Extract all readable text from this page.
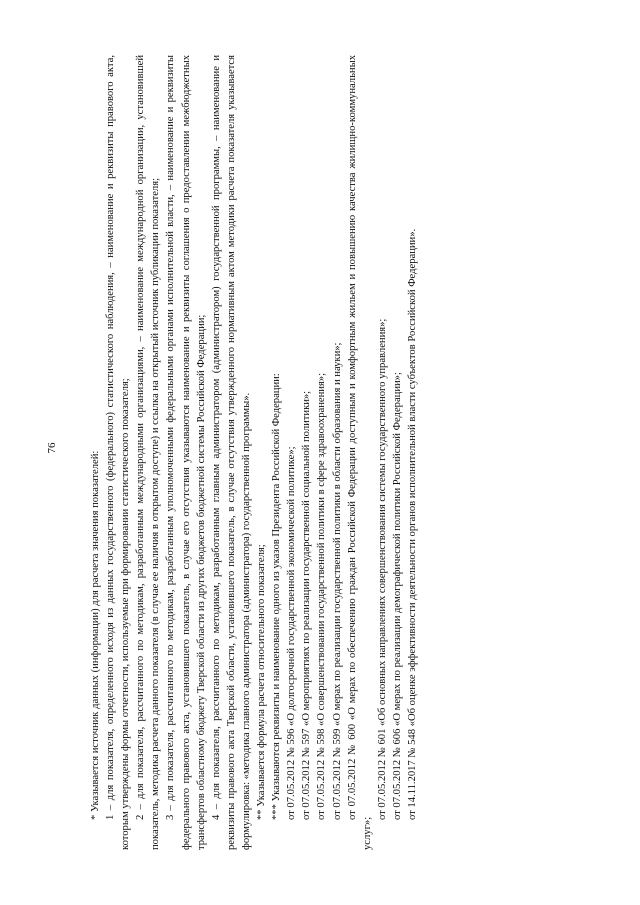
76

* Указывается источник данных (информации) для расчета значения показателей: 1 – для показателя, определенного исходя из данных государственного (федерального) статистического наблюдения, – наименование и реквизиты правового акта, которым утверждены формы отчетности, используемые при формировании статистического показателя; 2 – для показателя, рассчитанного по методикам, разработанным международными организациями, – наименование международной организации, установившей показатель, методика расчета данного показателя (в случае ее наличия в открытом доступе) и ссылка на открытый источник публикации показателя; 3 – для показателя, рассчитанного по методикам, разработанным уполномоченными федеральными органами исполнительной власти, – наименование и реквизиты федерального правового акта, установившего показатель, в случае его отсутствия указываются наименование и реквизиты соглашения о предоставлении межбюджетных трансфертов областному бюджету Тверской области из других бюджетов бюджетной системы Российской Федерации; 4 – для показателя, рассчитанного по методикам, разработанным главным администратором (администратором) государственной программы, – наименование и реквизиты правового акта Тверской области, установившего показатель, в случае отсутствия утвержденного нормативным актом методики расчета показателя указывается формулировка: «методика главного администратора (администратора) государственной программы». ** Указывается формула расчета относительного показателя; *** Указываются реквизиты и наименование одного из указов Президента Российской Федерации: от 07.05.2012 № 596 «О долгосрочной государственной экономической политике»; от 07.05.2012 № 597 «О мероприятиях по реализации государственной социальной политики»; от 07.05.2012 № 598 «О совершенствовании государственной политики в сфере здравоохранения»; от 07.05.2012 № 599 «О мерах по реализации государственной политики в области образования и науки»; от 07.05.2012 № 600 «О мерах по обеспечению граждан Российской Федерации доступным и комфортным жильем и повышению качества жилищно-коммунальных услуг»;

от 07.05.2012 № 601 «Об основных направлениях совершенствования системы государственного управления»; от 07.05.2012 № 606 «О мерах по реализации демографической политики Российской Федерации»; от 14.11.2017 № 548 «Об оценке эффективности деятельности органов исполнительной власти субъектов Российской Федерации».
